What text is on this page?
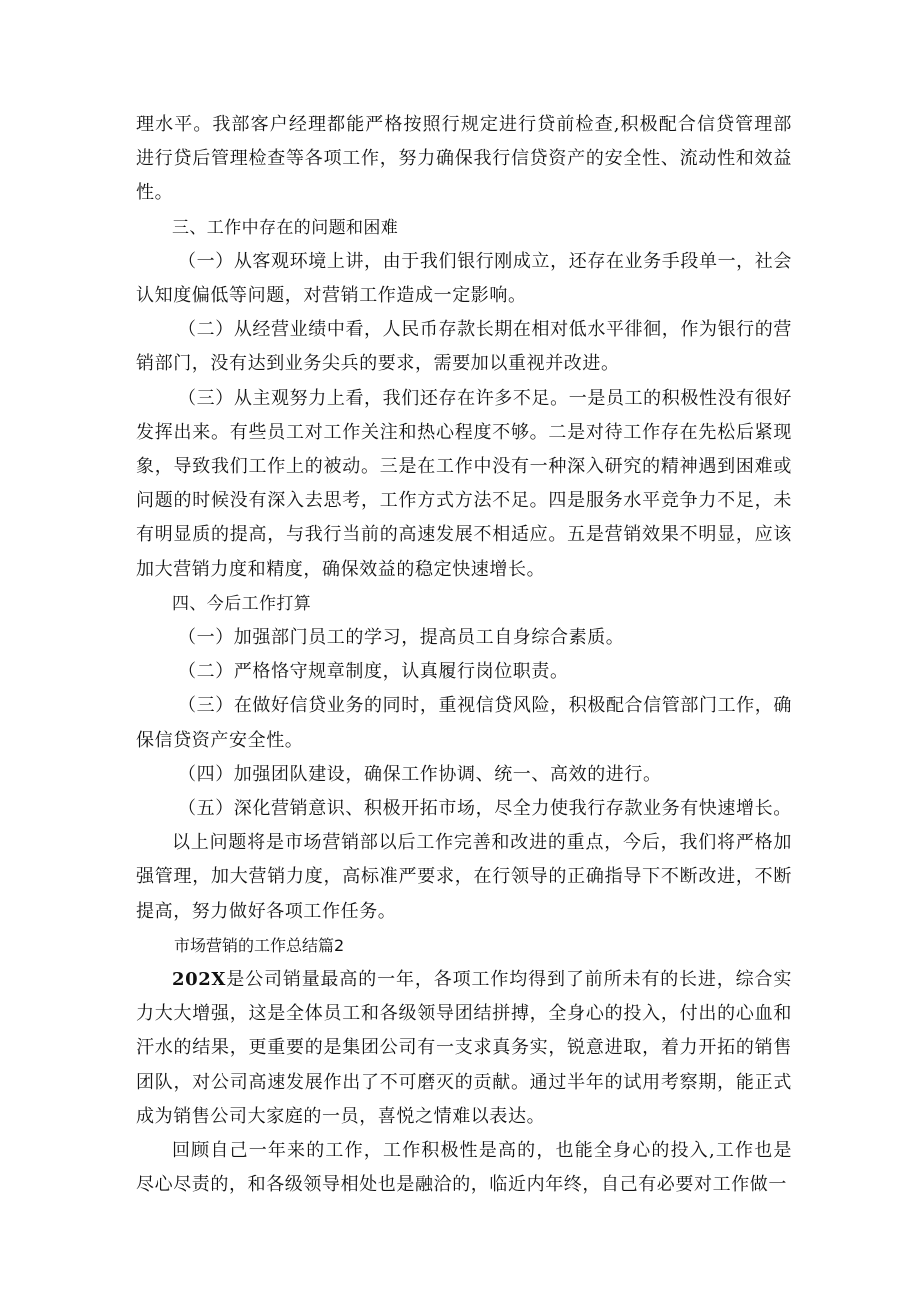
理水平。我部客户经理都能严格按照行规定进行贷前检查,积极配合信贷管理部进行贷后管理检查等各项工作，努力确保我行信贷资产的安全性、流动性和效益性。

三、工作中存在的问题和困难

（一）从客观环境上讲，由于我们银行刚成立，还存在业务手段单一，社会认知度偏低等问题，对营销工作造成一定影响。

（二）从经营业绩中看，人民币存款长期在相对低水平徘徊，作为银行的营销部门，没有达到业务尖兵的要求，需要加以重视并改进。

（三）从主观努力上看，我们还存在许多不足。一是员工的积极性没有很好发挥出来。有些员工对工作关注和热心程度不够。二是对待工作存在先松后紧现象，导致我们工作上的被动。三是在工作中没有一种深入研究的精神遇到困难或问题的时候没有深入去思考，工作方式方法不足。四是服务水平竞争力不足，未有明显质的提高，与我行当前的高速发展不相适应。五是营销效果不明显，应该加大营销力度和精度，确保效益的稳定快速增长。

四、今后工作打算

（一）加强部门员工的学习，提高员工自身综合素质。

（二）严格恪守规章制度，认真履行岗位职责。

（三）在做好信贷业务的同时，重视信贷风险，积极配合信管部门工作，确保信贷资产安全性。

（四）加强团队建设，确保工作协调、统一、高效的进行。

（五）深化营销意识、积极开拓市场，尽全力使我行存款业务有快速增长。

以上问题将是市场营销部以后工作完善和改进的重点，今后，我们将严格加强管理，加大营销力度，高标准严要求，在行领导的正确指导下不断改进，不断提高，努力做好各项工作任务。

市场营销的工作总结篇2

202X是公司销量最高的一年，各项工作均得到了前所未有的长进，综合实力大大增强，这是全体员工和各级领导团结拼搏，全身心的投入，付出的心血和汗水的结果，更重要的是集团公司有一支求真务实，锐意进取，着力开拓的销售团队，对公司高速发展作出了不可磨灭的贡献。通过半年的试用考察期，能正式成为销售公司大家庭的一员，喜悦之情难以表达。

回顾自己一年来的工作，工作积极性是高的，也能全身心的投入,工作也是尽心尽责的，和各级领导相处也是融洽的，临近内年终，自己有必要对工作做一
